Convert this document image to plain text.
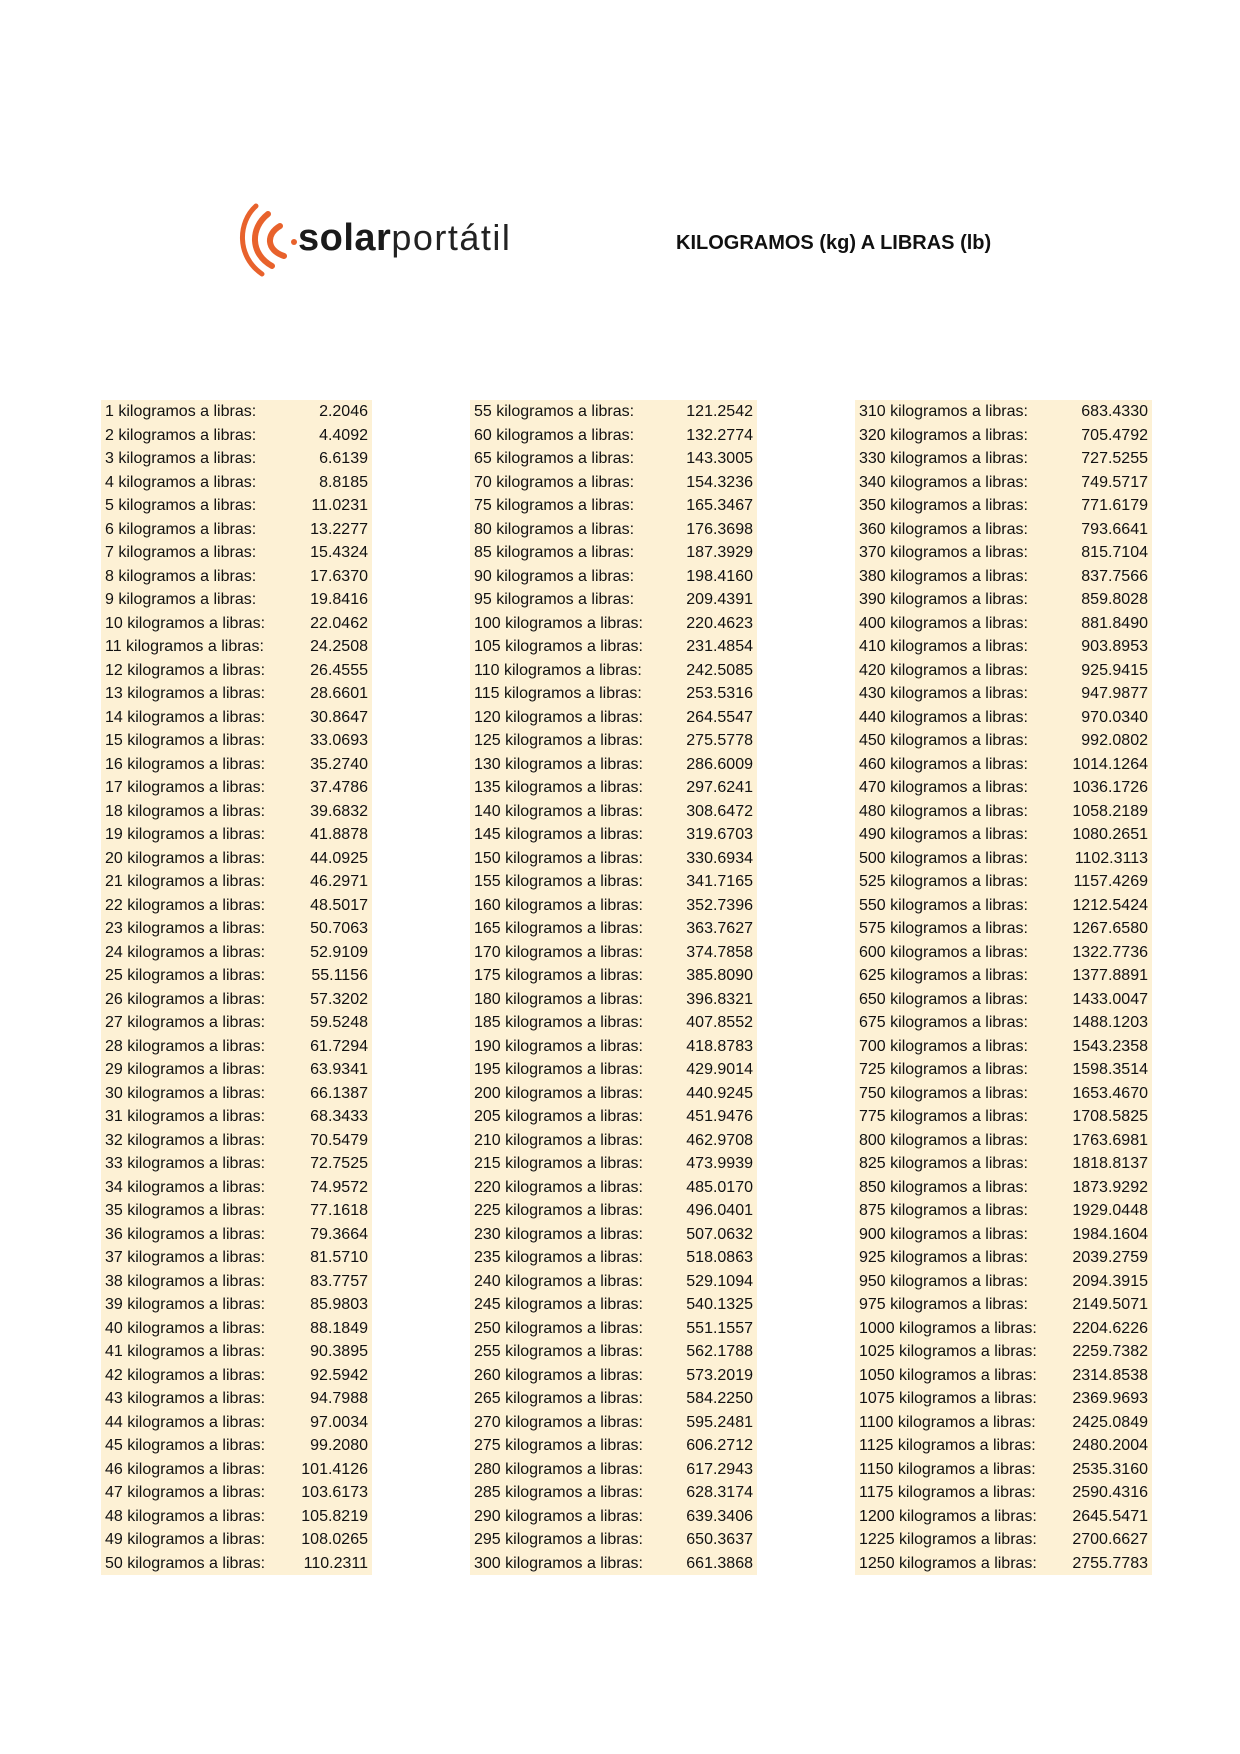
solarportátil	KILOGRAMOS (kg) A LIBRAS (lb)
1 kilogramos a libras:	2.2046
2 kilogramos a libras:	4.4092
3 kilogramos a libras:	6.6139
4 kilogramos a libras:	8.8185
5 kilogramos a libras:	11.0231
6 kilogramos a libras:	13.2277
7 kilogramos a libras:	15.4324
8 kilogramos a libras:	17.6370
9 kilogramos a libras:	19.8416
10 kilogramos a libras:	22.0462
11 kilogramos a libras:	24.2508
12 kilogramos a libras:	26.4555
13 kilogramos a libras:	28.6601
14 kilogramos a libras:	30.8647
15 kilogramos a libras:	33.0693
16 kilogramos a libras:	35.2740
17 kilogramos a libras:	37.4786
18 kilogramos a libras:	39.6832
19 kilogramos a libras:	41.8878
20 kilogramos a libras:	44.0925
21 kilogramos a libras:	46.2971
22 kilogramos a libras:	48.5017
23 kilogramos a libras:	50.7063
24 kilogramos a libras:	52.9109
25 kilogramos a libras:	55.1156
26 kilogramos a libras:	57.3202
27 kilogramos a libras:	59.5248
28 kilogramos a libras:	61.7294
29 kilogramos a libras:	63.9341
30 kilogramos a libras:	66.1387
31 kilogramos a libras:	68.3433
32 kilogramos a libras:	70.5479
33 kilogramos a libras:	72.7525
34 kilogramos a libras:	74.9572
35 kilogramos a libras:	77.1618
36 kilogramos a libras:	79.3664
37 kilogramos a libras:	81.5710
38 kilogramos a libras:	83.7757
39 kilogramos a libras:	85.9803
40 kilogramos a libras:	88.1849
41 kilogramos a libras:	90.3895
42 kilogramos a libras:	92.5942
43 kilogramos a libras:	94.7988
44 kilogramos a libras:	97.0034
45 kilogramos a libras:	99.2080
46 kilogramos a libras: 101.4126
47 kilogramos a libras: 103.6173
48 kilogramos a libras: 105.8219
49 kilogramos a libras: 108.0265
50 kilogramos a libras: 110.2311
55 kilogramos a libras:	121.2542
60 kilogramos a libras:	132.2774
65 kilogramos a libras:	143.3005
70 kilogramos a libras:	154.3236
75 kilogramos a libras:	165.3467
80 kilogramos a libras:	176.3698
85 kilogramos a libras:	187.3929
90 kilogramos a libras:	198.4160
95 kilogramos a libras:	209.4391
100 kilogramos a libras:	220.4623
105 kilogramos a libras:	231.4854
110 kilogramos a libras:	242.5085
115 kilogramos a libras:	253.5316
120 kilogramos a libras:	264.5547
125 kilogramos a libras:	275.5778
130 kilogramos a libras:	286.6009
135 kilogramos a libras:	297.6241
140 kilogramos a libras:	308.6472
145 kilogramos a libras:	319.6703
150 kilogramos a libras:	330.6934
155 kilogramos a libras:	341.7165
160 kilogramos a libras:	352.7396
165 kilogramos a libras:	363.7627
170 kilogramos a libras:	374.7858
175 kilogramos a libras:	385.8090
180 kilogramos a libras:	396.8321
185 kilogramos a libras:	407.8552
190 kilogramos a libras:	418.8783
195 kilogramos a libras:	429.9014
200 kilogramos a libras:	440.9245
205 kilogramos a libras:	451.9476
210 kilogramos a libras:	462.9708
215 kilogramos a libras:	473.9939
220 kilogramos a libras:	485.0170
225 kilogramos a libras:	496.0401
230 kilogramos a libras:	507.0632
235 kilogramos a libras:	518.0863
240 kilogramos a libras:	529.1094
245 kilogramos a libras:	540.1325
250 kilogramos a libras:	551.1557
255 kilogramos a libras:	562.1788
260 kilogramos a libras:	573.2019
265 kilogramos a libras:	584.2250
270 kilogramos a libras:	595.2481
275 kilogramos a libras:	606.2712
280 kilogramos a libras:	617.2943
285 kilogramos a libras:	628.3174
290 kilogramos a libras:	639.3406
295 kilogramos a libras:	650.3637
300 kilogramos a libras:	661.3868
310 kilogramos a libras:	683.4330
320 kilogramos a libras:	705.4792
330 kilogramos a libras:	727.5255
340 kilogramos a libras:	749.5717
350 kilogramos a libras:	771.6179
360 kilogramos a libras:	793.6641
370 kilogramos a libras:	815.7104
380 kilogramos a libras:	837.7566
390 kilogramos a libras:	859.8028
400 kilogramos a libras:	881.8490
410 kilogramos a libras:	903.8953
420 kilogramos a libras:	925.9415
430 kilogramos a libras:	947.9877
440 kilogramos a libras:	970.0340
450 kilogramos a libras:	992.0802
460 kilogramos a libras:	1014.1264
470 kilogramos a libras:	1036.1726
480 kilogramos a libras:	1058.2189
490 kilogramos a libras:	1080.2651
500 kilogramos a libras:	1102.3113
525 kilogramos a libras:	1157.4269
550 kilogramos a libras:	1212.5424
575 kilogramos a libras:	1267.6580
600 kilogramos a libras:	1322.7736
625 kilogramos a libras:	1377.8891
650 kilogramos a libras:	1433.0047
675 kilogramos a libras:	1488.1203
700 kilogramos a libras:	1543.2358
725 kilogramos a libras:	1598.3514
750 kilogramos a libras:	1653.4670
775 kilogramos a libras:	1708.5825
800 kilogramos a libras:	1763.6981
825 kilogramos a libras:	1818.8137
850 kilogramos a libras:	1873.9292
875 kilogramos a libras:	1929.0448
900 kilogramos a libras:	1984.1604
925 kilogramos a libras:	2039.2759
950 kilogramos a libras:	2094.3915
975 kilogramos a libras:	2149.5071
1000 kilogramos a libras: 2204.6226
1025 kilogramos a libras: 2259.7382
1050 kilogramos a libras: 2314.8538
1075 kilogramos a libras: 2369.9693
1100 kilogramos a libras: 2425.0849
1125 kilogramos a libras: 2480.2004
1150 kilogramos a libras: 2535.3160
1175 kilogramos a libras: 2590.4316
1200 kilogramos a libras: 2645.5471
1225 kilogramos a libras: 2700.6627
1250 kilogramos a libras: 2755.7783
